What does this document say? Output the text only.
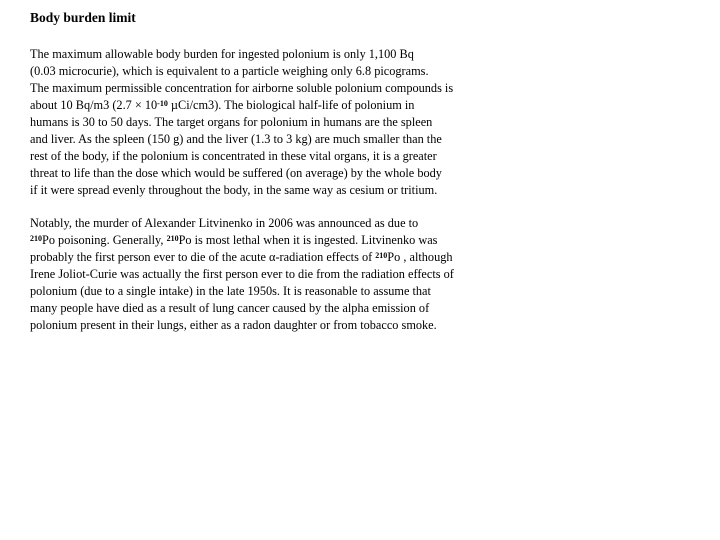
Body burden limit
The maximum allowable body burden for ingested polonium is only 1,100 Bq
(0.03 microcurie), which is equivalent to a particle weighing only 6.8 picograms.
The maximum permissible concentration for airborne soluble polonium compounds is
about 10 Bq/m3 ($2.7 \times 10^{-10}$ µCi/cm3). The biological half-life of polonium in
humans is 30 to 50 days. The target organs for polonium in humans are the spleen
and liver. As the spleen (150 g) and the liver (1.3 to 3 kg) are much smaller than the
rest of the body, if the polonium is concentrated in these vital organs, it is a greater
threat to life than the dose which would be suffered (on average) by the whole body
if it were spread evenly throughout the body, in the same way as cesium or tritium.
Notably, the murder of Alexander Litvinenko in 2006 was announced as due to
$^{210}$Po poisoning. Generally, $^{210}$Po is most lethal when it is ingested. Litvinenko was
probably the first person ever to die of the acute α-radiation effects of $^{210}$Po , although
Irene Joliot-Curie was actually the first person ever to die from the radiation effects of
polonium (due to a single intake) in the late 1950s. It is reasonable to assume that
many people have died as a result of lung cancer caused by the alpha emission of
polonium present in their lungs, either as a radon daughter or from tobacco smoke.
